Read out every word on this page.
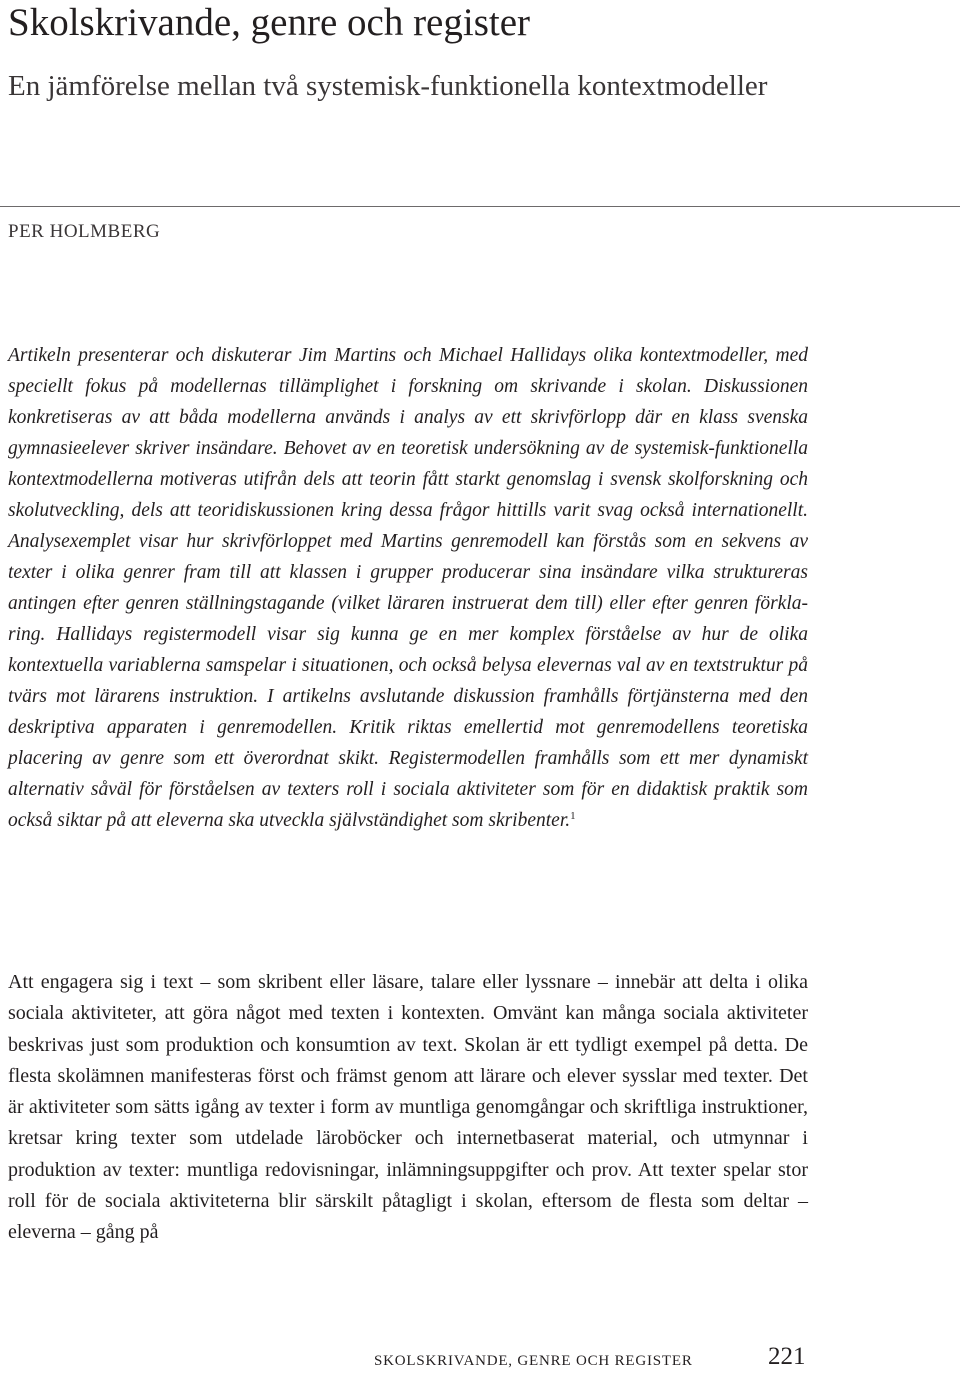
Skolskrivande, genre och register
En jämförelse mellan två systemisk-funktionella kontextmodeller
PER HOLMBERG

Artikeln presenterar och diskuterar Jim Martins och Michael Hallidays olika kontextmodeller, med speciellt fokus på modellernas tillämplighet i forskning om skrivande i skolan. Diskussionen konkretiseras av att båda modellerna används i analys av ett skrivförlopp där en klass svenska gymnasieelever skriver insändare. Behovet av en teoretisk undersökning av de systemisk-funktionella kontextmodellerna motiveras utifrån dels att teorin fått starkt genomslag i svensk skolforskning och skolutveckling, dels att teoridiskussionen kring dessa frågor hittills varit svag också internationellt. Analysexemplet visar hur skrivförloppet med Martins genremodell kan förstås som en sekvens av texter i olika genrer fram till att klassen i grupper producerar sina insändare vilka struktureras antingen efter genren ställningstagande (vilket läraren instruerat dem till) eller efter genren förklaring. Hallidays registermodell visar sig kunna ge en mer komplex förståelse av hur de olika kontextuella variablerna samspelar i situationen, och också belysa elevernas val av en textstruktur på tvärs mot lärarens instruktion. I artikelns avslutande diskussion framhålls förtjänsterna med den deskriptiva apparaten i genremodellen. Kritik riktas emellertid mot genremodellens teoretiska placering av genre som ett överordnat skikt. Registermodellen framhålls som ett mer dynamiskt alternativ såväl för förståelsen av texters roll i sociala aktiviteter som för en didaktisk praktik som också siktar på att eleverna ska utveckla självständighet som skribenter.$^1$

Att engagera sig i text – som skribent eller läsare, talare eller lyssnare – innebär att delta i olika sociala aktiviteter, att göra något med texten i kontexten. Omvänt kan många sociala aktiviteter beskrivas just som produktion och konsumtion av text. Skolan är ett tydligt exempel på detta. De flesta skolämnen manifesteras först och främst genom att lärare och elever sysslar med texter. Det är aktiviteter som sätts igång av texter i form av muntliga genomgångar och skriftliga instruktioner, kretsar kring texter som utdelade läroböcker och internetbaserat material, och utmynnar i produktion av texter: muntliga redovisningar, inlämningsuppgifter och prov. Att texter spelar stor roll för de sociala aktiviteterna blir särskilt påtagligt i skolan, eftersom de flesta som deltar – eleverna – gång på

SKOLSKRIVANDE, GENRE OCH REGISTER	221
